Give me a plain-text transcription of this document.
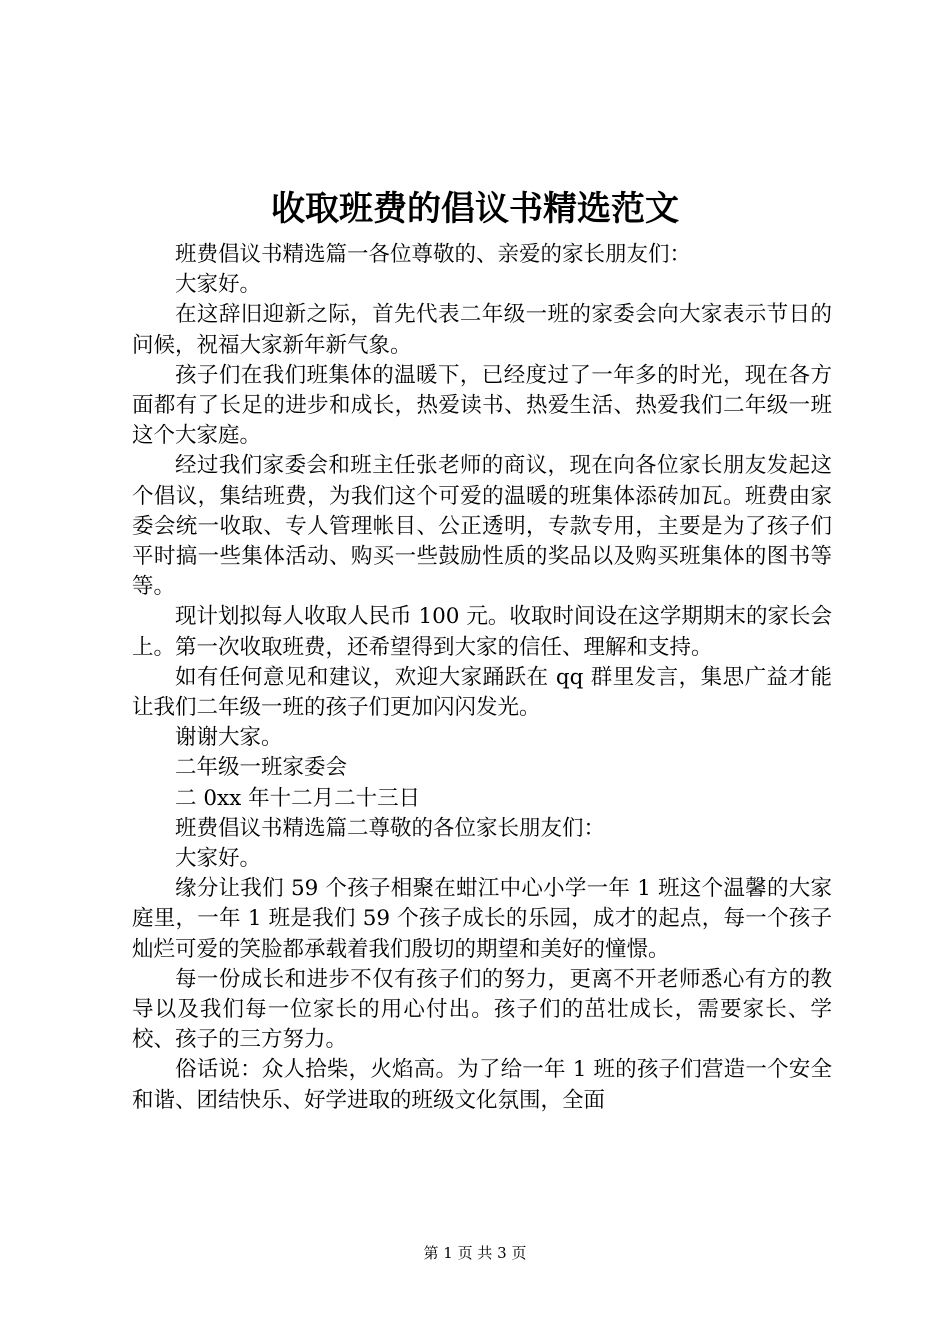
收取班费的倡议书精选范文

班费倡议书精选篇一各位尊敬的、亲爱的家长朋友们：

大家好。

在这辞旧迎新之际，首先代表二年级一班的家委会向大家表示节日的问候，祝福大家新年新气象。

孩子们在我们班集体的温暖下，已经度过了一年多的时光，现在各方面都有了长足的进步和成长，热爱读书、热爱生活、热爱我们二年级一班这个大家庭。

经过我们家委会和班主任张老师的商议，现在向各位家长朋友发起这个倡议，集结班费，为我们这个可爱的温暖的班集体添砖加瓦。班费由家委会统一收取、专人管理帐目、公正透明，专款专用，主要是为了孩子们平时搞一些集体活动、购买一些鼓励性质的奖品以及购买班集体的图书等等。

现计划拟每人收取人民币 100 元。收取时间设在这学期期末的家长会上。第一次收取班费，还希望得到大家的信任、理解和支持。

如有任何意见和建议，欢迎大家踊跃在 qq 群里发言，集思广益才能让我们二年级一班的孩子们更加闪闪发光。

谢谢大家。

二年级一班家委会

二 0xx 年十二月二十三日

班费倡议书精选篇二尊敬的各位家长朋友们：

大家好。

缘分让我们 59 个孩子相聚在蚶江中心小学一年 1 班这个温馨的大家庭里，一年 1 班是我们 59 个孩子成长的乐园，成才的起点，每一个孩子灿烂可爱的笑脸都承载着我们殷切的期望和美好的憧憬。

每一份成长和进步不仅有孩子们的努力，更离不开老师悉心有方的教导以及我们每一位家长的用心付出。孩子们的茁壮成长，需要家长、学校、孩子的三方努力。

俗话说：众人拾柴，火焰高。为了给一年 1 班的孩子们营造一个安全和谐、团结快乐、好学进取的班级文化氛围，全面

第 1 页 共 3 页
